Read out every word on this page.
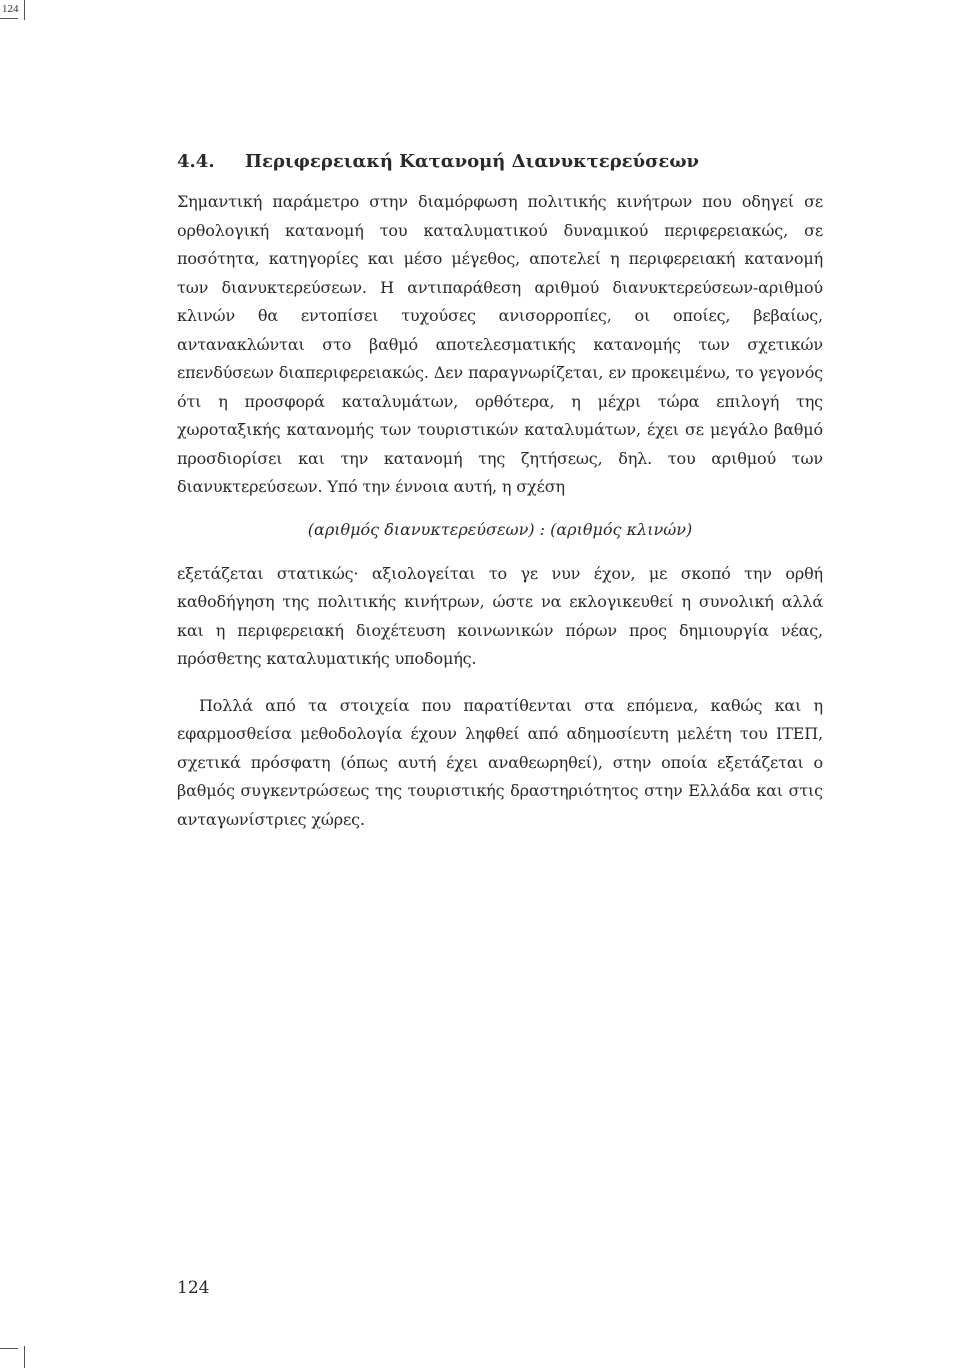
124
4.4. Περιφερειακή Κατανομή Διανυκτερεύσεων

Σημαντική παράμετρο στην διαμόρφωση πολιτικής κινήτρων που οδηγεί σε ορθολογική κατανομή του καταλυματικού δυναμικού περιφερειακώς, σε ποσότητα, κατηγορίες και μέσο μέγεθος, αποτελεί η περιφερειακή κατανομή των διανυκτερεύσεων. Η αντιπαράθεση αριθμού διανυκτερεύσεων-αριθμού κλινών θα εντοπίσει τυχούσες ανισορροπίες, οι οποίες, βεβαίως, αντανακλώνται στο βαθμό αποτελεσματικής κατανομής των σχετικών επενδύσεων διαπεριφερειακώς. Δεν παραγνωρίζεται, εν προκειμένω, το γεγονός ότι η προσφορά καταλυμάτων, ορθότερα, η μέχρι τώρα επιλογή της χωροταξικής κατανομής των τουριστικών καταλυμάτων, έχει σε μεγάλο βαθμό προσδιορίσει και την κατανομή της ζητήσεως, δηλ. του αριθμού των διανυκτερεύσεων. Υπό την έννοια αυτή, η σχέση

(αριθμός διανυκτερεύσεων) : (αριθμός κλινών)

εξετάζεται στατικώς· αξιολογείται το γε νυν έχον, με σκοπό την ορθή καθοδήγηση της πολιτικής κινήτρων, ώστε να εκλογικευθεί η συνολική αλλά και η περιφερειακή διοχέτευση κοινωνικών πόρων προς δημιουργία νέας, πρόσθετης καταλυματικής υποδομής.

Πολλά από τα στοιχεία που παρατίθενται στα επόμενα, καθώς και η εφαρμοσθείσα μεθοδολογία έχουν ληφθεί από αδημοσίευτη μελέτη του ΙΤΕΠ, σχετικά πρόσφατη (όπως αυτή έχει αναθεωρηθεί), στην οποία εξετάζεται ο βαθμός συγκεντρώσεως της τουριστικής δραστηριότητος στην Ελλάδα και στις ανταγωνίστριες χώρες.

124
